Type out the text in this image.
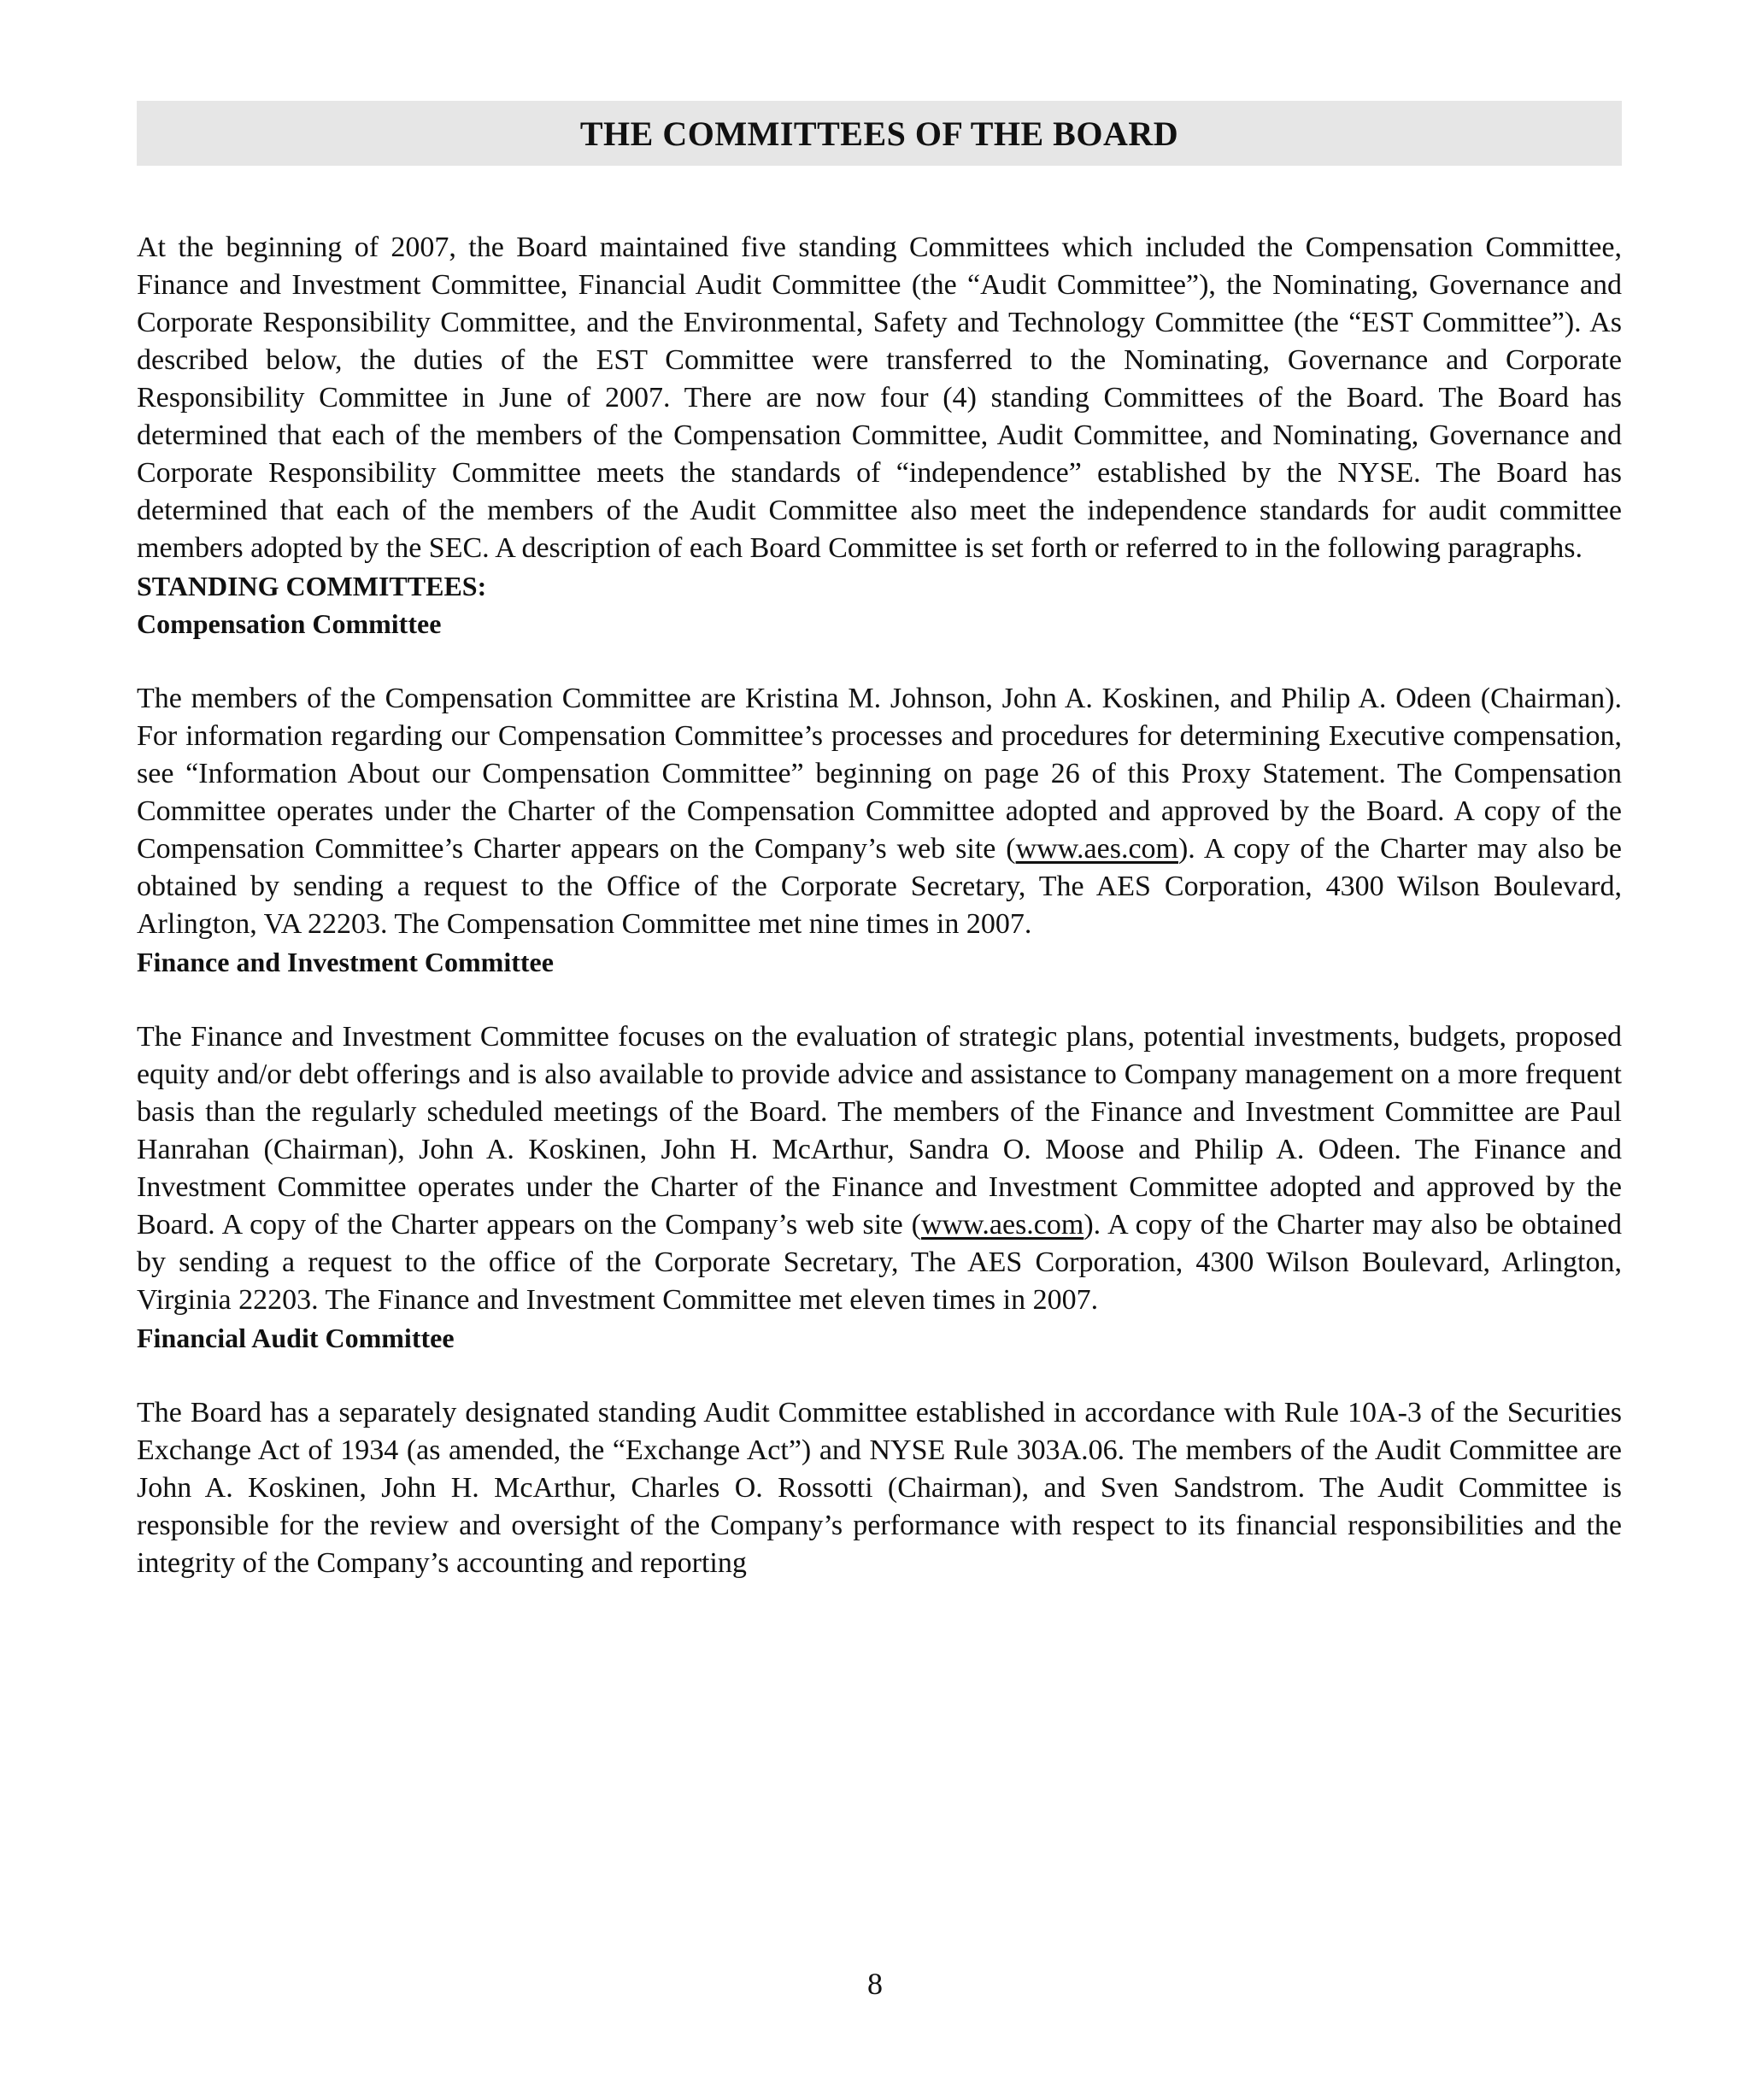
THE COMMITTEES OF THE BOARD

At the beginning of 2007, the Board maintained five standing Committees which included the Compensation Committee, Finance and Investment Committee, Financial Audit Committee (the “Audit Committee”), the Nominating, Governance and Corporate Responsibility Committee, and the Environmental, Safety and Technology Committee (the “EST Committee”). As described below, the duties of the EST Committee were transferred to the Nominating, Governance and Corporate Responsibility Committee in June of 2007. There are now four (4) standing Committees of the Board. The Board has determined that each of the members of the Compensation Committee, Audit Committee, and Nominating, Governance and Corporate Responsibility Committee meets the standards of “independence” established by the NYSE. The Board has determined that each of the members of the Audit Committee also meet the independence standards for audit committee members adopted by the SEC. A description of each Board Committee is set forth or referred to in the following paragraphs.

STANDING COMMITTEES:

Compensation Committee

The members of the Compensation Committee are Kristina M. Johnson, John A. Koskinen, and Philip A. Odeen (Chairman). For information regarding our Compensation Committee’s processes and procedures for determining Executive compensation, see “Information About our Compensation Committee” beginning on page 26 of this Proxy Statement. The Compensation Committee operates under the Charter of the Compensation Committee adopted and approved by the Board. A copy of the Compensation Committee’s Charter appears on the Company’s web site (www.aes.com). A copy of the Charter may also be obtained by sending a request to the Office of the Corporate Secretary, The AES Corporation, 4300 Wilson Boulevard, Arlington, VA 22203. The Compensation Committee met nine times in 2007.

Finance and Investment Committee

The Finance and Investment Committee focuses on the evaluation of strategic plans, potential investments, budgets, proposed equity and/or debt offerings and is also available to provide advice and assistance to Company management on a more frequent basis than the regularly scheduled meetings of the Board. The members of the Finance and Investment Committee are Paul Hanrahan (Chairman), John A. Koskinen, John H. McArthur, Sandra O. Moose and Philip A. Odeen. The Finance and Investment Committee operates under the Charter of the Finance and Investment Committee adopted and approved by the Board. A copy of the Charter appears on the Company’s web site (www.aes.com). A copy of the Charter may also be obtained by sending a request to the office of the Corporate Secretary, The AES Corporation, 4300 Wilson Boulevard, Arlington, Virginia 22203. The Finance and Investment Committee met eleven times in 2007.

Financial Audit Committee

The Board has a separately designated standing Audit Committee established in accordance with Rule 10A-3 of the Securities Exchange Act of 1934 (as amended, the “Exchange Act”) and NYSE Rule 303A.06. The members of the Audit Committee are John A. Koskinen, John H. McArthur, Charles O. Rossotti (Chairman), and Sven Sandstrom. The Audit Committee is responsible for the review and oversight of the Company’s performance with respect to its financial responsibilities and the integrity of the Company’s accounting and reporting

8
